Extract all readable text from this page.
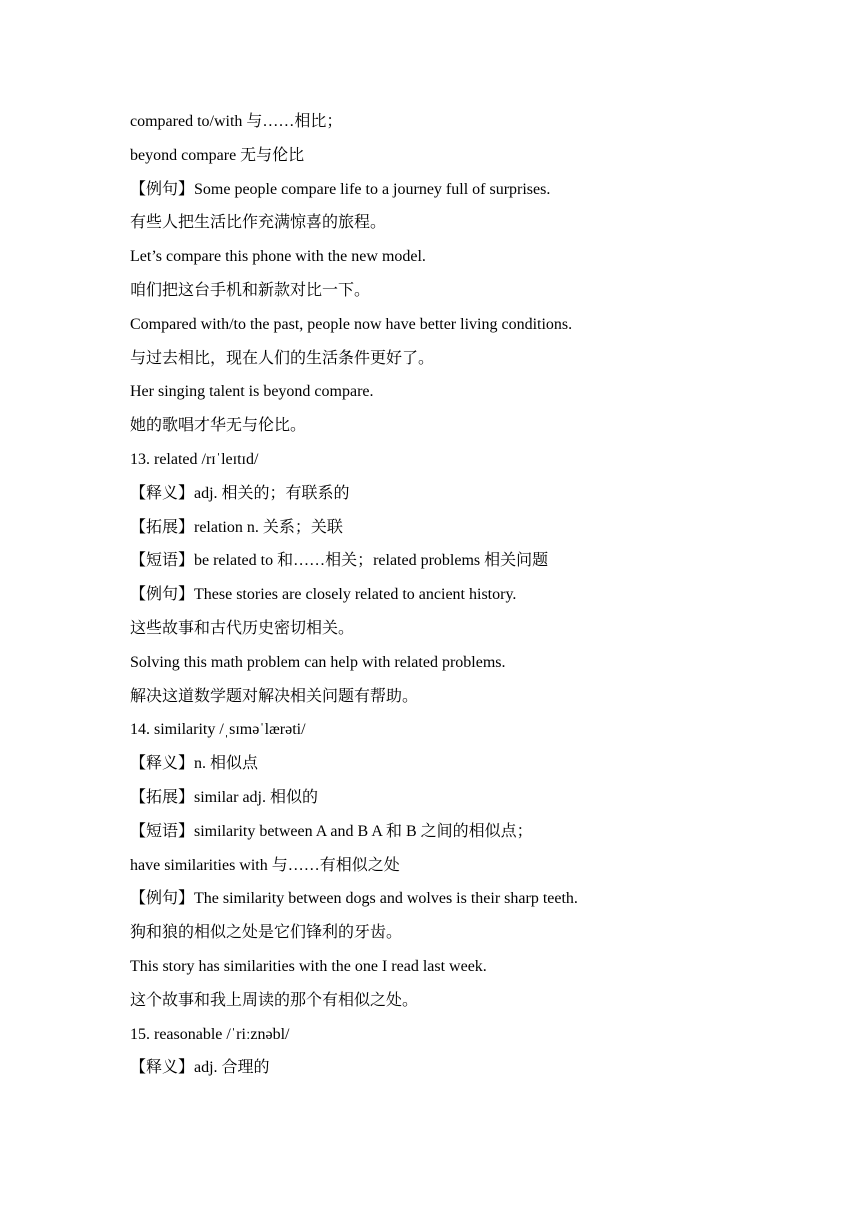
compared to/with 与……相比；
beyond compare 无与伦比
【例句】Some people compare life to a journey full of surprises.
有些人把生活比作充满惊喜的旅程。
Let’s compare this phone with the new model.
咱们把这台手机和新款对比一下。
Compared with/to the past, people now have better living conditions.
与过去相比，现在人们的生活条件更好了。
Her singing talent is beyond compare.
她的歌唱才华无与伦比。
13. related /rɪˈleɪtɪd/
【释义】adj. 相关的；有联系的
【拓展】relation n. 关系；关联
【短语】be related to 和……相关；related problems 相关问题
【例句】These stories are closely related to ancient history.
这些故事和古代历史密切相关。
Solving this math problem can help with related problems.
解决这道数学题对解决相关问题有帮助。
14. similarity /ˌsɪməˈlærəti/
【释义】n. 相似点
【拓展】similar adj. 相似的
【短语】similarity between A and B A 和 B 之间的相似点；
have similarities with 与……有相似之处
【例句】The similarity between dogs and wolves is their sharp teeth.
狗和狼的相似之处是它们锋利的牙齿。
This story has similarities with the one I read last week.
这个故事和我上周读的那个有相似之处。
15. reasonable /ˈriːznəbl/
【释义】adj. 合理的
